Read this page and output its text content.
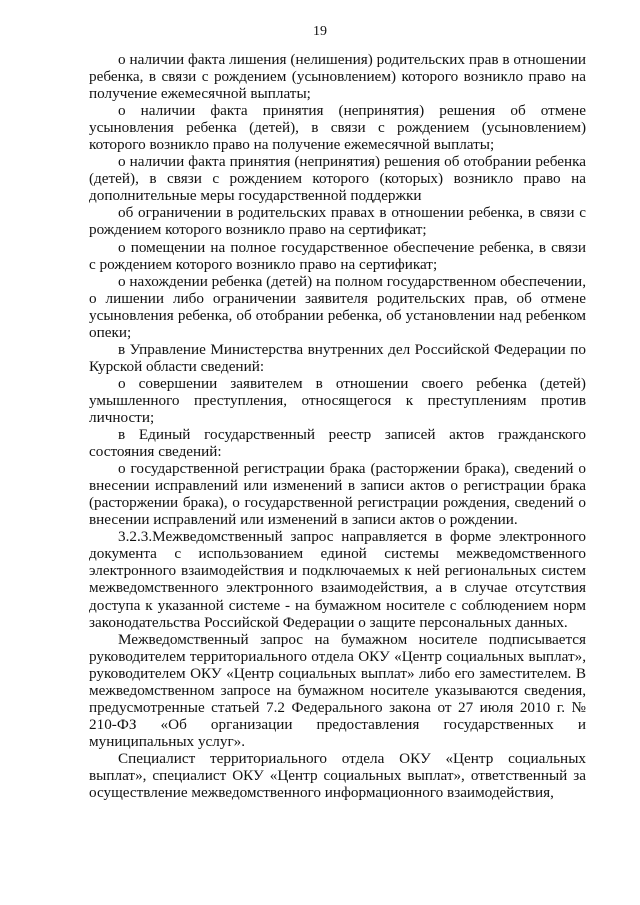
19

о наличии факта лишения (нелишения) родительских прав в отношении ребенка, в связи с рождением (усыновлением) которого возникло право на получение ежемесячной выплаты;

о наличии факта принятия (непринятия) решения об отмене усыновления ребенка (детей), в связи с рождением (усыновлением) которого возникло право на получение ежемесячной выплаты;

о наличии факта принятия (непринятия) решения об отобрании ребенка (детей), в связи с рождением которого (которых) возникло право на дополнительные меры государственной поддержки

об ограничении в родительских правах в отношении ребенка, в связи с рождением которого возникло право на сертификат;

о помещении на полное государственное обеспечение ребенка, в связи с рождением которого возникло право на сертификат;

о нахождении ребенка (детей) на полном государственном обеспечении, о лишении либо ограничении заявителя родительских прав, об отмене усыновления ребенка, об отобрании ребенка, об установлении над ребенком опеки;

в Управление Министерства внутренних дел Российской Федерации по Курской области сведений:

о совершении заявителем в отношении своего ребенка (детей) умышленного преступления, относящегося к преступлениям против личности;

в Единый государственный реестр записей актов гражданского состояния сведений:

о государственной регистрации брака (расторжении брака), сведений о внесении исправлений или изменений в записи актов о регистрации брака (расторжении брака), о государственной регистрации рождения, сведений о внесении исправлений или изменений в записи актов о рождении.

3.2.3.Межведомственный запрос направляется в форме электронного документа с использованием единой системы межведомственного электронного взаимодействия и подключаемых к ней региональных систем межведомственного электронного взаимодействия, а в случае отсутствия доступа к указанной системе - на бумажном носителе с соблюдением норм законодательства Российской Федерации о защите персональных данных.

Межведомственный запрос на бумажном носителе подписывается руководителем территориального отдела ОКУ «Центр социальных выплат», руководителем ОКУ «Центр социальных выплат» либо его заместителем. В межведомственном запросе на бумажном носителе указываются сведения, предусмотренные статьей 7.2 Федерального закона от 27 июля 2010 г. № 210-ФЗ «Об организации предоставления государственных и муниципальных услуг».

Специалист территориального отдела ОКУ «Центр социальных выплат», специалист ОКУ «Центр социальных выплат», ответственный за осуществление межведомственного информационного взаимодействия,
